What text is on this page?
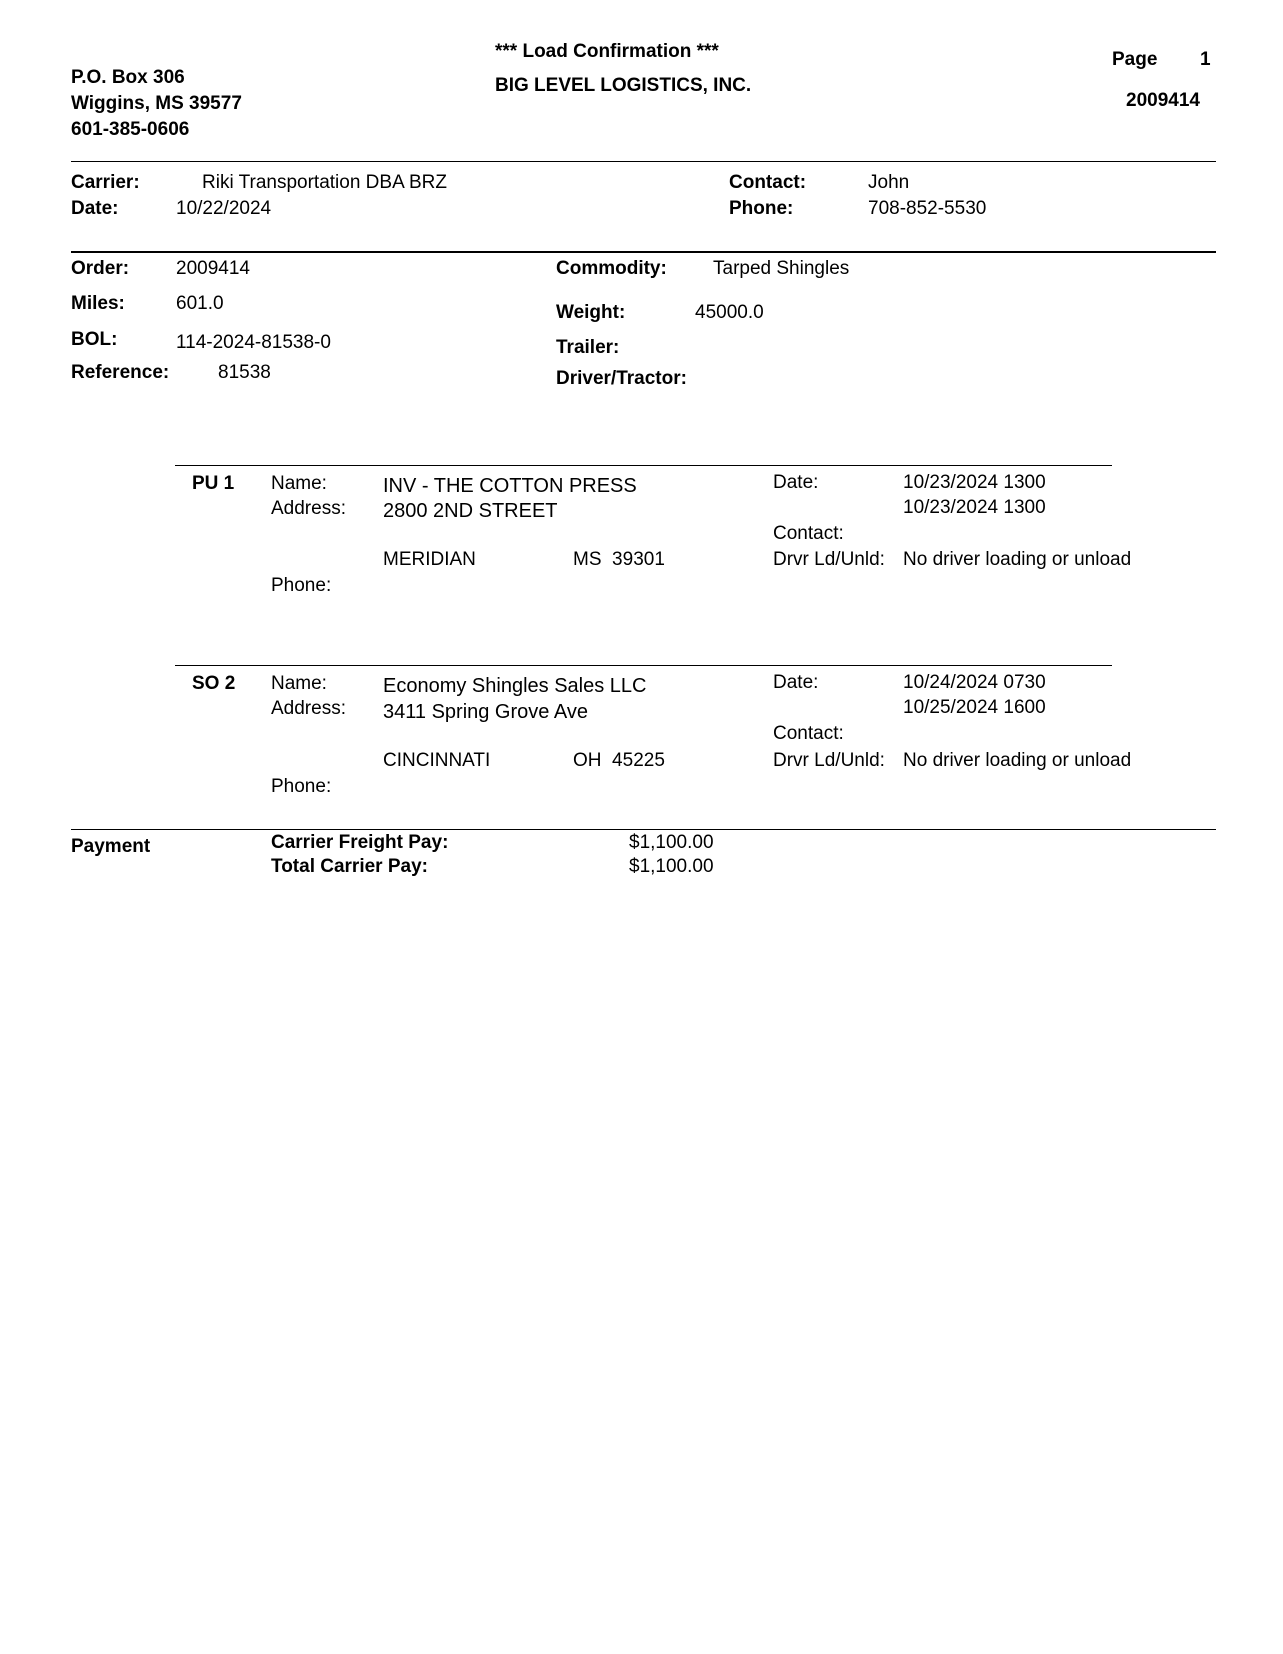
P.O. Box 306
Wiggins, MS 39577
601-385-0606
*** Load Confirmation ***
BIG LEVEL LOGISTICS, INC.
Page 1
2009414
Carrier:	Riki Transportation DBA BRZ
Date:	10/22/2024
Contact:	John
Phone:	708-852-5530
Order: 2009414
Miles:	601.0
BOL:	114-2024-81538-0
Reference:	81538
Commodity: Tarped Shingles
Weight:	45000.0
Trailer:
Driver/Tractor:
PU 1 Name:	INV - THE COTTON PRESS
Address: 2800 2ND STREET
MERIDIAN	MS  39301
Phone:
Date:	10/23/2024 1300
10/23/2024 1300
Contact:
Drvr Ld/Unld: No driver loading or unload
SO 2 Name:	Economy Shingles Sales LLC
Address: 3411 Spring Grove Ave
CINCINNATI	OH  45225
Phone:
Date:	10/24/2024 0730
10/25/2024 1600
Contact:
Drvr Ld/Unld: No driver loading or unload
Payment	Carrier Freight Pay:	$1,100.00
Total Carrier Pay:	$1,100.00
